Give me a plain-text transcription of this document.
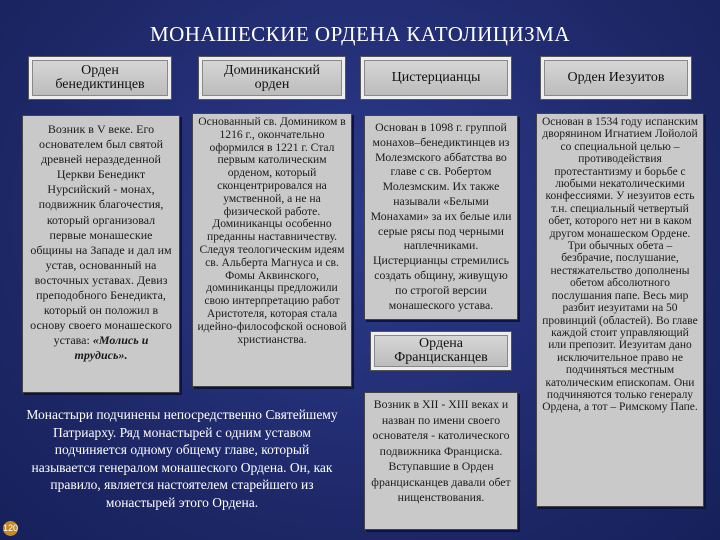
МОНАШЕСКИЕ ОРДЕНА КАТОЛИЦИЗМА
Орден бенедиктинцев
Доминиканский орден	Цистерцианцы	Орден Иезуитов
Возник в V веке. Его основателем был святой древней нераздеденной Церкви Бенедикт Нурсийский - монах, подвижник благочестия, который организовал первые монашеские общины на Западе и дал им устав, основанный на восточных уставах. Девиз преподобного Бенедикта, который он положил в основу своего монашеского устава: «Молись и трудись».
Основанный св. Домиником в 1216 г., окончательно оформился в 1221 г. Стал первым католическим орденом, который сконцентрировался на умственной, а не на физической работе. Доминиканцы особенно преданны наставничеству. Следуя теологическим идеям св. Альберта Магнуса и св. Фомы Аквинского, доминиканцы предложили свою интерпретацию работ Аристотеля, которая стала идейно-философской основой христианства.
Основан в 1098 г. группой монахов–бенедиктинцев из Молезмского аббатства во главе с св. Робертом Молезмским. Их также называли «Белыми Монахами» за их белые или серые рясы под черными наплечниками. Цистерцианцы стремились создать общину, живущую по строгой версии монашеского устава.
Ордена Францисканцев
Возник в XII - XIII веках и назван по имени своего основателя - католического подвижника Франциска. Вступавшие в Орден францисканцев давали обет нищенствования.
Основан в 1534 году испанским дворянином Игнатием Лойолой со специальной целью – противодействия протестантизму и борьбе с любыми некатолическими конфессиями. У иезуитов есть т.н. специальный четвертый обет, которого нет ни в каком другом монашеском Ордене. Три обычных обета – безбрачие, послушание, нестяжательство дополнены обетом абсолютного послушания папе. Весь мир разбит иезуитами на 50 провинций (областей). Во главе каждой стоит управляющий или препозит. Иезуитам дано исключительное право не подчиняться местным католическим епископам. Они подчиняются только генералу Ордена, а тот – Римскому Папе.
Монастыри подчинены непосредственно Святейшему Патриарху. Ряд монастырей с одним уставом подчиняется одному общему главе, который называется генералом монашеского Ордена. Он, как правило, является настоятелем старейшего из монастырей этого Ордена.
120
